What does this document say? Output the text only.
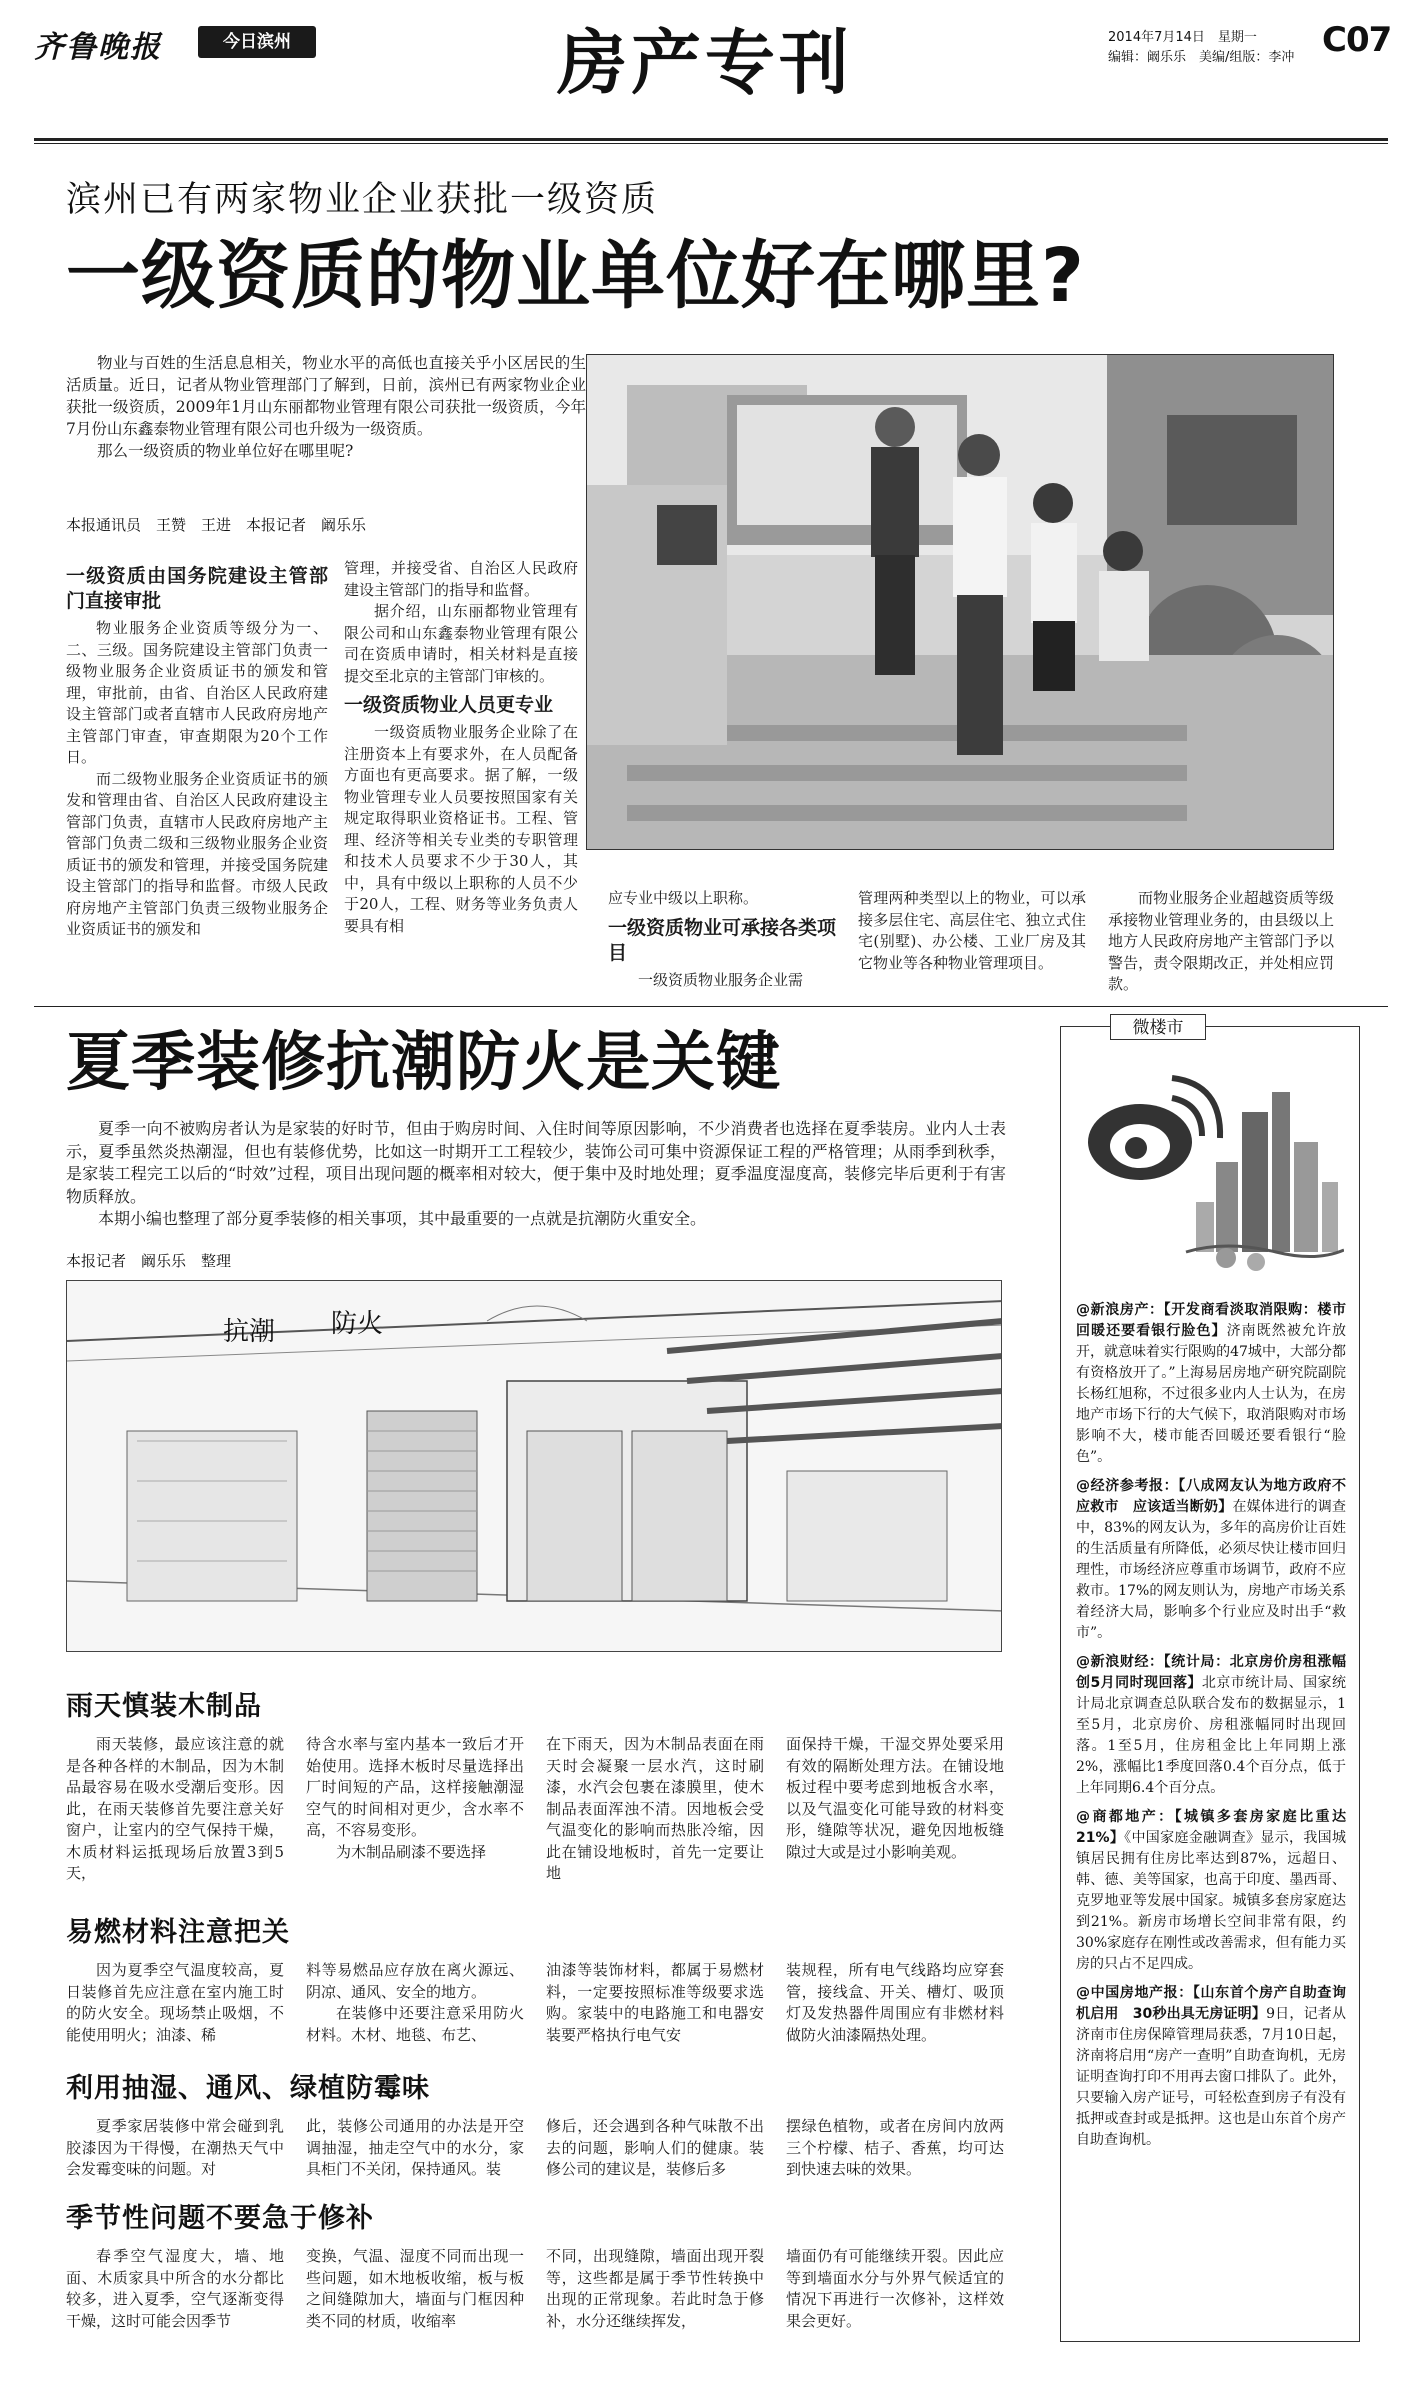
齐鲁晚报	今日滨州	房产专刊	2014年7月14日　星期一
编辑：阚乐乐　美编/组版：李冲 C07
滨州已有两家物业企业获批一级资质
一级资质的物业单位好在哪里?

物业与百姓的生活息息相关，物业水平的高低也直接关乎小区居民的生活质量。近日，记者从物业管理部门了解到，日前，滨州已有两家物业企业获批一级资质，2009年1月山东丽都物业管理有限公司获批一级资质，今年7月份山东鑫泰物业管理有限公司也升级为一级资质。

那么一级资质的物业单位好在哪里呢?

本报通讯员　王赞　王进　本报记者　阚乐乐
一级资质由国务院建设主管部门直接审批

物业服务企业资质等级分为一、二、三级。国务院建设主管部门负责一级物业服务企业资质证书的颁发和管理，审批前，由省、自治区人民政府建设主管部门或者直辖市人民政府房地产主管部门审查，审查期限为20个工作日。

而二级物业服务企业资质证书的颁发和管理由省、自治区人民政府建设主管部门负责，直辖市人民政府房地产主管部门负责二级和三级物业服务企业资质证书的颁发和管理，并接受国务院建设主管部门的指导和监督。市级人民政府房地产主管部门负责三级物业服务企业资质证书的颁发和

管理，并接受省、自治区人民政府建设主管部门的指导和监督。

据介绍，山东丽都物业管理有限公司和山东鑫泰物业管理有限公司在资质申请时，相关材料是直接提交至北京的主管部门审核的。

一级资质物业人员更专业

一级资质物业服务企业除了在注册资本上有要求外，在人员配备方面也有更高要求。据了解，一级物业管理专业人员要按照国家有关规定取得职业资格证书。工程、管理、经济等相关专业类的专职管理和技术人员要求不少于30人，其中，具有中级以上职称的人员不少于20人，工程、财务等业务负责人要具有相

应专业中级以上职称。

一级资质物业可承接各类项目

一级资质物业服务企业需

管理两种类型以上的物业，可以承接多层住宅、高层住宅、独立式住宅(别墅)、办公楼、工业厂房及其它物业等各种物业管理项目。

而物业服务企业超越资质等级承接物业管理业务的，由县级以上地方人民政府房地产主管部门予以警告，责令限期改正，并处相应罚款。

夏季装修抗潮防火是关键

夏季一向不被购房者认为是家装的好时节，但由于购房时间、入住时间等原因影响，不少消费者也选择在夏季装房。业内人士表示，夏季虽然炎热潮湿，但也有装修优势，比如这一时期开工工程较少，装饰公司可集中资源保证工程的严格管理；从雨季到秋季，是家装工程完工以后的“时效”过程，项目出现问题的概率相对较大，便于集中及时地处理；夏季温度湿度高，装修完毕后更利于有害物质释放。

本期小编也整理了部分夏季装修的相关事项，其中最重要的一点就是抗潮防火重安全。

本报记者　阚乐乐　整理
抗潮 防火
雨天慎装木制品

雨天装修，最应该注意的就是各种各样的木制品，因为木制品最容易在吸水受潮后变形。因此，在雨天装修首先要注意关好窗户，让室内的空气保持干燥，木质材料运抵现场后放置3到5天，

待含水率与室内基本一致后才开始使用。选择木板时尽量选择出厂时间短的产品，这样接触潮湿空气的时间相对更少，含水率不高，不容易变形。

为木制品刷漆不要选择

在下雨天，因为木制品表面在雨天时会凝聚一层水汽，这时刷漆，水汽会包裹在漆膜里，使木制品表面浑浊不清。因地板会受气温变化的影响而热胀冷缩，因此在铺设地板时，首先一定要让地

面保持干燥，干湿交界处要采用有效的隔断处理方法。在铺设地板过程中要考虑到地板含水率，以及气温变化可能导致的材料变形，缝隙等状况，避免因地板缝隙过大或是过小影响美观。

易燃材料注意把关

因为夏季空气温度较高，夏日装修首先应注意在室内施工时的防火安全。现场禁止吸烟，不能使用明火；油漆、稀

料等易燃品应存放在离火源远、阴凉、通风、安全的地方。

在装修中还要注意采用防火材料。木材、地毯、布艺、

油漆等装饰材料，都属于易燃材料，一定要按照标准等级要求选购。家装中的电路施工和电器安装要严格执行电气安

装规程，所有电气线路均应穿套管，接线盒、开关、槽灯、吸顶灯及发热器件周围应有非燃材料做防火油漆隔热处理。

利用抽湿、通风、绿植防霉味

夏季家居装修中常会碰到乳胶漆因为干得慢，在潮热天气中会发霉变味的问题。对

此，装修公司通用的办法是开空调抽湿，抽走空气中的水分，家具柜门不关闭，保持通风。装

修后，还会遇到各种气味散不出去的问题，影响人们的健康。装修公司的建议是，装修后多

摆绿色植物，或者在房间内放两三个柠檬、桔子、香蕉，均可达到快速去味的效果。

季节性问题不要急于修补

春季空气湿度大，墙、地面、木质家具中所含的水分都比较多，进入夏季，空气逐渐变得干燥，这时可能会因季节

变换，气温、湿度不同而出现一些问题，如木地板收缩，板与板之间缝隙加大，墙面与门框因种类不同的材质，收缩率

不同，出现缝隙，墙面出现开裂等，这些都是属于季节性转换中出现的正常现象。若此时急于修补，水分还继续挥发，

墙面仍有可能继续开裂。因此应等到墙面水分与外界气候适宜的情况下再进行一次修补，这样效果会更好。

微楼市

@新浪房产：【开发商看淡取消限购：楼市回暖还要看银行脸色】济南既然被允许放开，就意味着实行限购的47城中，大部分都有资格放开了。”上海易居房地产研究院副院长杨红旭称，不过很多业内人士认为，在房地产市场下行的大气候下，取消限购对市场影响不大，楼市能否回暖还要看银行“脸色”。

@经济参考报：【八成网友认为地方政府不应救市　应该适当断奶】在媒体进行的调查中，83%的网友认为，多年的高房价让百姓的生活质量有所降低，必须尽快让楼市回归理性，市场经济应尊重市场调节，政府不应救市。17%的网友则认为，房地产市场关系着经济大局，影响多个行业应及时出手“救市”。

@新浪财经：【统计局：北京房价房租涨幅创5月同时现回落】北京市统计局、国家统计局北京调查总队联合发布的数据显示，1至5月，北京房价、房租涨幅同时出现回落。1至5月，住房租金比上年同期上涨2%，涨幅比1季度回落0.4个百分点，低于上年同期6.4个百分点。

@商都地产：【城镇多套房家庭比重达21%】《中国家庭金融调查》显示，我国城镇居民拥有住房比率达到87%，远超日、韩、德、美等国家，也高于印度、墨西哥、克罗地亚等发展中国家。城镇多套房家庭达到21%。新房市场增长空间非常有限，约30%家庭存在刚性或改善需求，但有能力买房的只占不足四成。

@中国房地产报：【山东首个房产自助查询机启用　30秒出具无房证明】9日，记者从济南市住房保障管理局获悉，7月10日起，济南将启用“房产一查明”自助查询机，无房证明查询打印不用再去窗口排队了。此外，只要输入房产证号，可轻松查到房子有没有抵押或查封或是抵押。这也是山东首个房产自助查询机。
